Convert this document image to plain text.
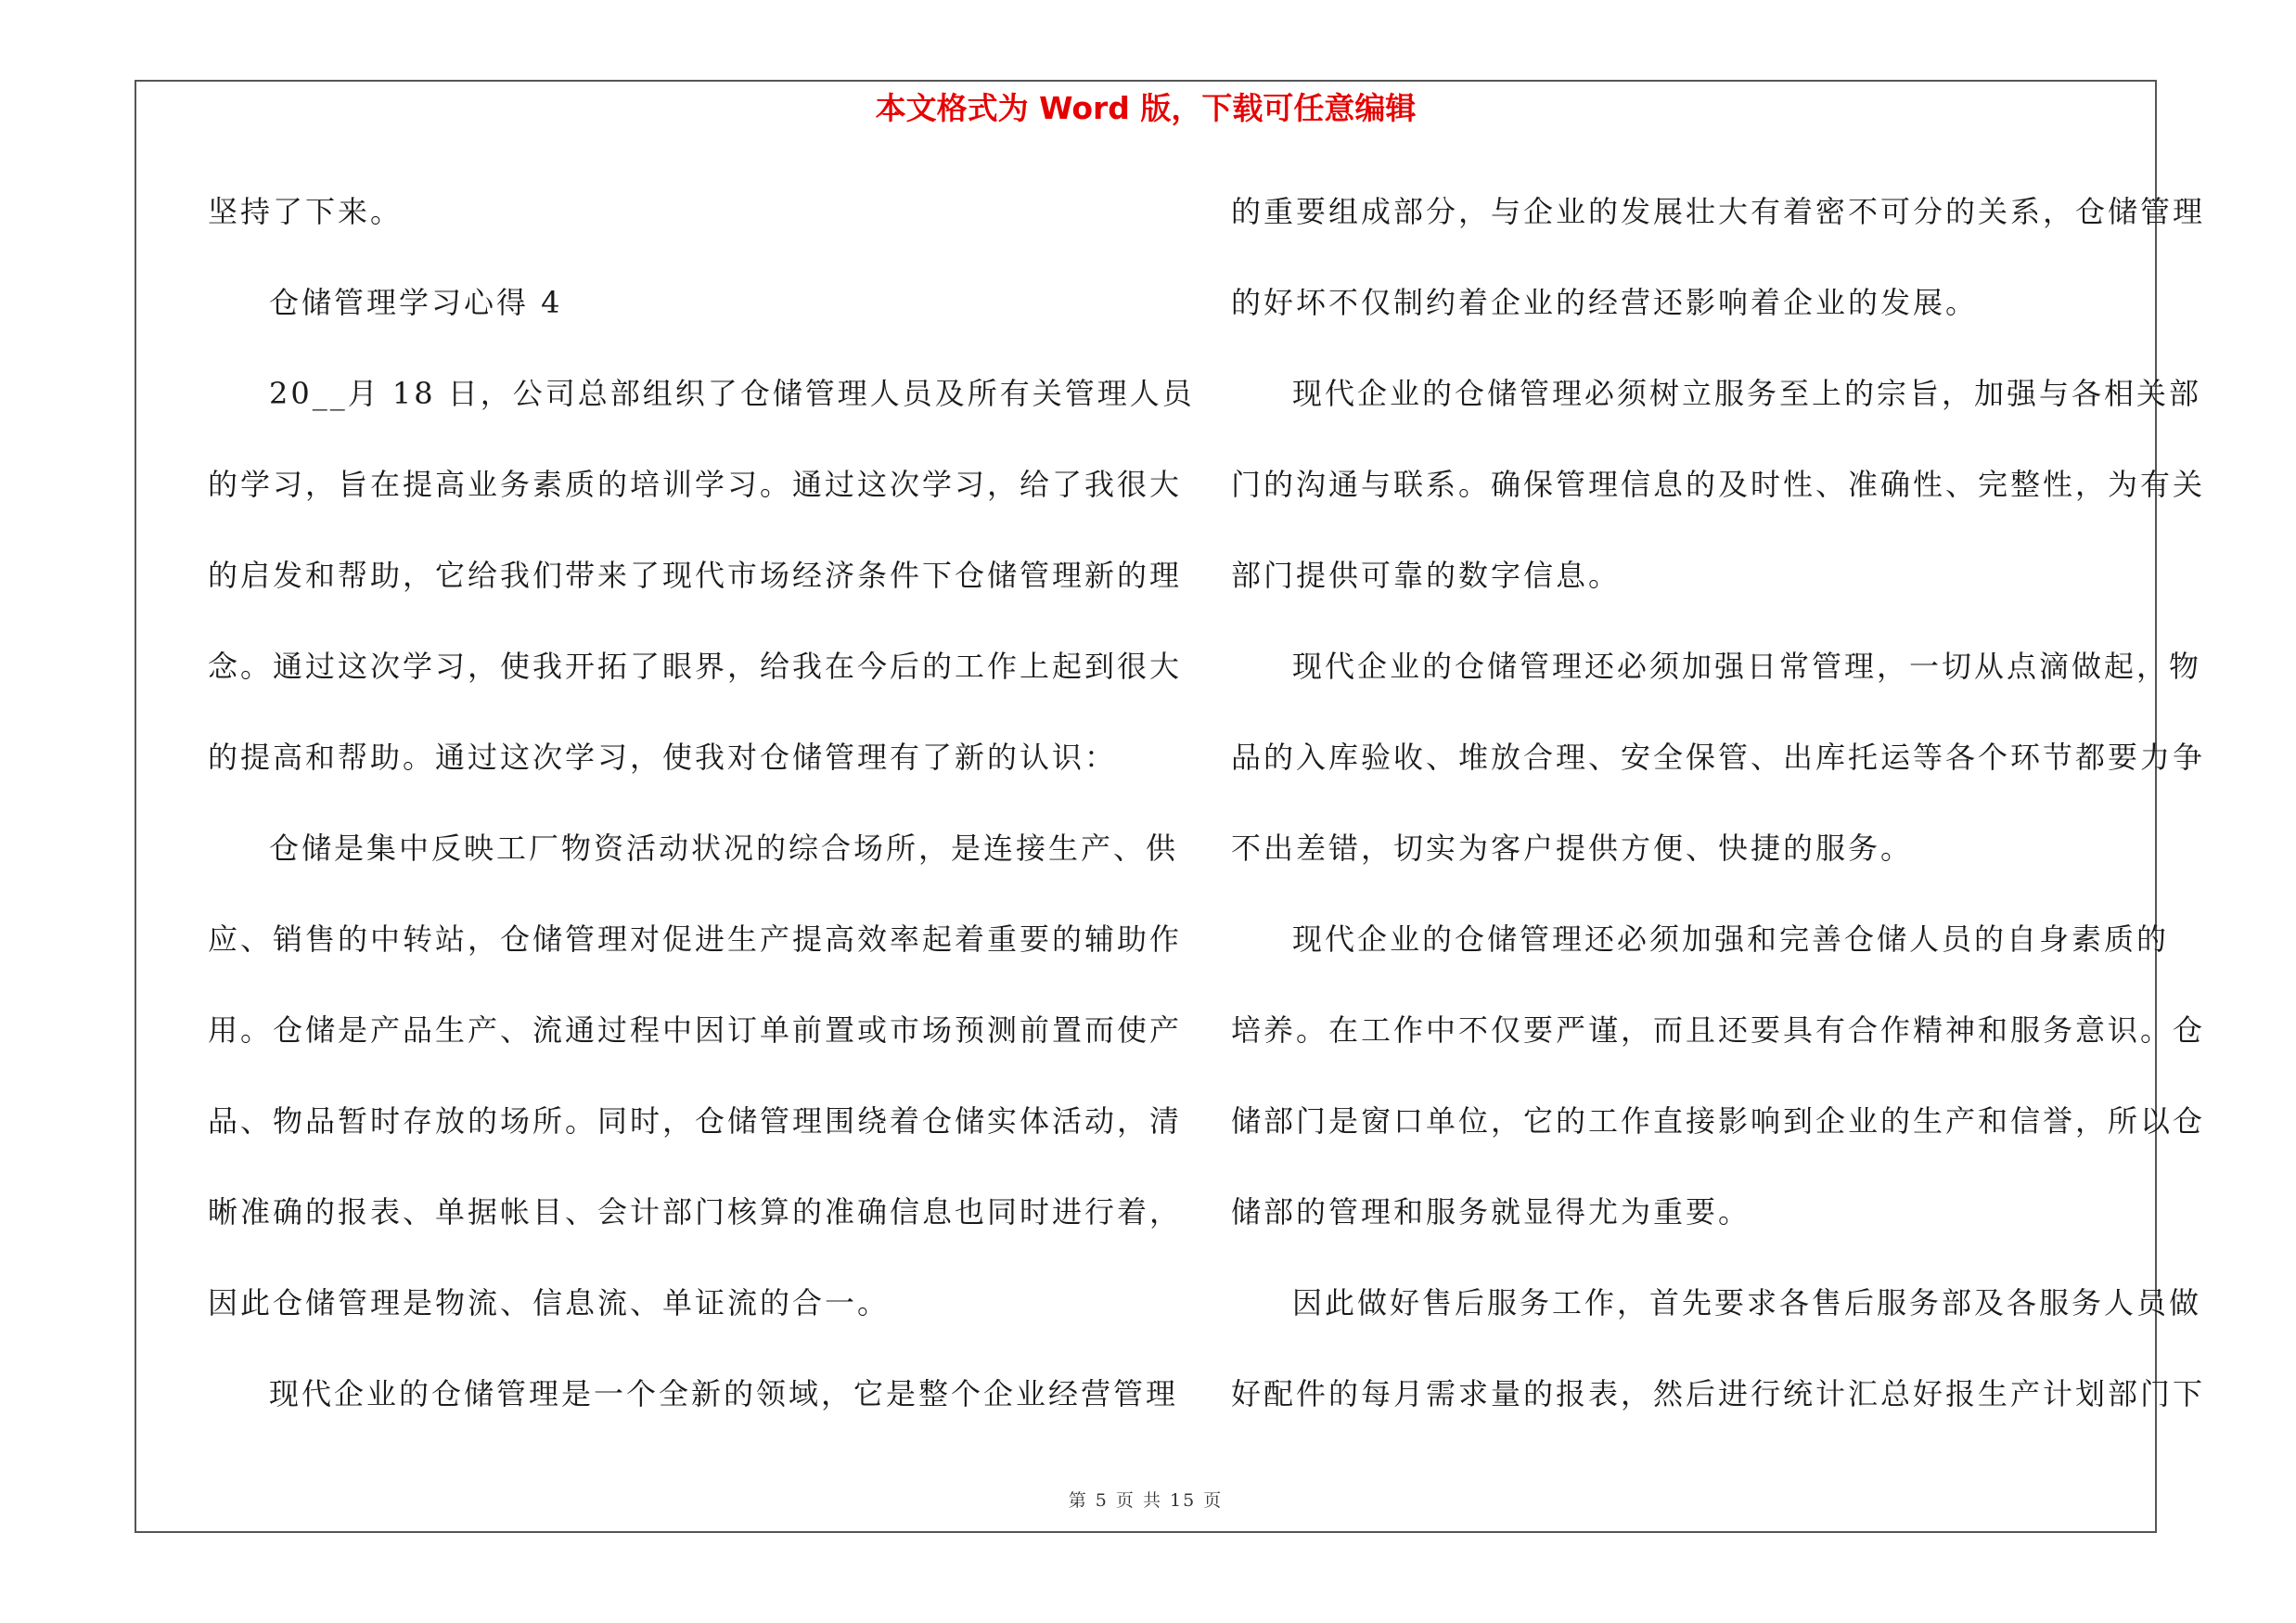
本文格式为 Word 版，下载可任意编辑
坚持了下来。
仓储管理学习心得 4
20__月 18 日，公司总部组织了仓储管理人员及所有关管理人员
的学习，旨在提高业务素质的培训学习。通过这次学习，给了我很大
的启发和帮助，它给我们带来了现代市场经济条件下仓储管理新的理
念。通过这次学习，使我开拓了眼界，给我在今后的工作上起到很大
的提高和帮助。通过这次学习，使我对仓储管理有了新的认识：
仓储是集中反映工厂物资活动状况的综合场所，是连接生产、供
应、销售的中转站，仓储管理对促进生产提高效率起着重要的辅助作
用。仓储是产品生产、流通过程中因订单前置或市场预测前置而使产
品、物品暂时存放的场所。同时，仓储管理围绕着仓储实体活动，清
晰准确的报表、单据帐目、会计部门核算的准确信息也同时进行着，
因此仓储管理是物流、信息流、单证流的合一。
现代企业的仓储管理是一个全新的领域，它是整个企业经营管理
的重要组成部分，与企业的发展壮大有着密不可分的关系，仓储管理
的好坏不仅制约着企业的经营还影响着企业的发展。
现代企业的仓储管理必须树立服务至上的宗旨，加强与各相关部
门的沟通与联系。确保管理信息的及时性、准确性、完整性，为有关
部门提供可靠的数字信息。
现代企业的仓储管理还必须加强日常管理，一切从点滴做起，物
品的入库验收、堆放合理、安全保管、出库托运等各个环节都要力争
不出差错，切实为客户提供方便、快捷的服务。
现代企业的仓储管理还必须加强和完善仓储人员的自身素质的
培养。在工作中不仅要严谨，而且还要具有合作精神和服务意识。仓
储部门是窗口单位，它的工作直接影响到企业的生产和信誉，所以仓
储部的管理和服务就显得尤为重要。
因此做好售后服务工作，首先要求各售后服务部及各服务人员做
好配件的每月需求量的报表，然后进行统计汇总好报生产计划部门下
第 5 页 共 15 页
